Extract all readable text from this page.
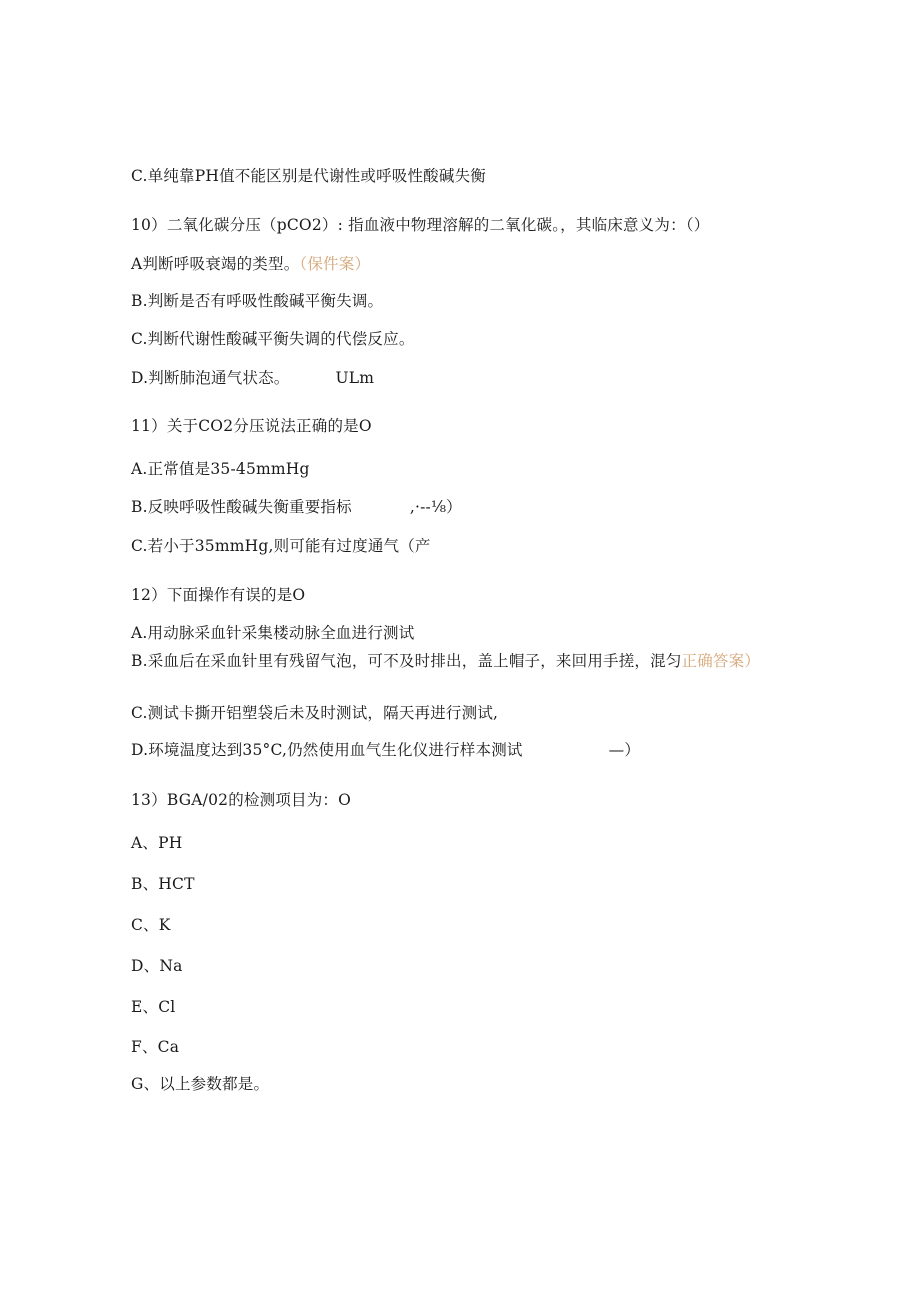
C.单纯靠PH值不能区别是代谢性或呼吸性酸碱失衡
10）二氧化碳分压（pCO2）: 指血液中物理溶解的二氧化碳。，其临床意义为：（）
A判断呼吸衰竭的类型。（保件案）
B.判断是否有呼吸性酸碱平衡失调。
C.判断代谢性酸碱平衡失调的代偿反应。
D.判断肺泡通气状态。	ULm
11）关于CO2分压说法正确的是O
A.正常值是35-45mmHg
B.反映呼吸性酸碱失衡重要指标	,·--⅛）
C.若小于35mmHg,则可能有过度通气（产
12）下面操作有误的是O
A.用动脉采血针采集楼动脉全血进行测试
B.采血后在采血针里有残留气泡，可不及时排出，盖上帽子，来回用手搓，混匀正确答案）
C.测试卡撕开铝塑袋后未及时测试，隔天再进行测试,
D.环境温度达到35°C,仍然使用血气生化仪进行样本测试	—）
13）BGA/02的检测项目为：O
A、PH
B、HCT
C、K
D、Na
E、Cl
F、Ca
G、以上参数都是。
